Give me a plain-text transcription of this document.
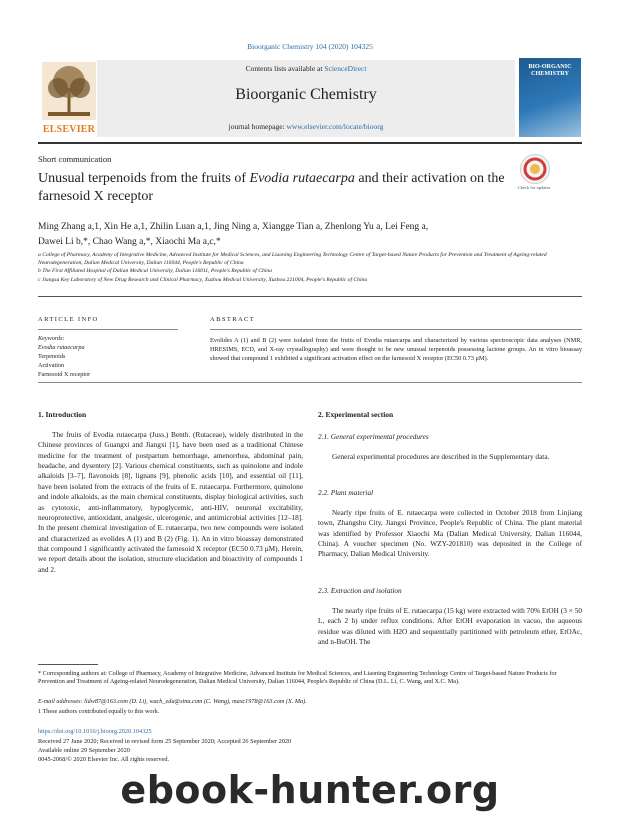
Bioorganic Chemistry 104 (2020) 104325
ELSEVIER
Contents lists available at ScienceDirect
Bioorganic Chemistry
journal homepage: www.elsevier.com/locate/bioorg
BIO-ORGANIC CHEMISTRY
Short communication
Unusual terpenoids from the fruits of Evodia rutaecarpa and their activation on the farnesoid X receptor
Check for updates
Ming Zhang a,1, Xin He a,1, Zhilin Luan a,1, Jing Ning a, Xiangge Tian a, Zhenlong Yu a, Lei Feng a,
Dawei Li b,*, Chao Wang a,*, Xiaochi Ma a,c,*
a College of Pharmacy, Academy of Integrative Medicine, Advanced Institute for Medical Sciences, and Liaoning Engineering Technology Centre of Target-based Nature Products for Prevention and Treatment of Ageing-related Neurodegeneration, Dalian Medical University, Dalian 116044, People's Republic of China
b The First Affiliated Hospital of Dalian Medical University, Dalian 116011, People's Republic of China
c Jiangsu Key Laboratory of New Drug Research and Clinical Pharmacy, Xuzhou Medical University, Xuzhou 221004, People's Republic of China
ARTICLE INFO	ABSTRACT
Keywords:
Evodia rutaecarpa
Terpenoids
Activation
Farnesoid X receptor
Evolides A (1) and B (2) were isolated from the fruits of Evodia rutaecarpa and characterized by various spectroscopic data analyses (NMR, HRESIMS, ECD, and X-ray crystallography) and were thought to be new unusual terpenoids possessing lactone groups. An in vitro bioassay showed that compound 1 exhibited a significant activation effect on the farnesoid X receptor (EC50 0.73 μM).
1. Introduction
The fruits of Evodia rutaecarpa (Juss.) Benth. (Rutaceae), widely distributed in the Chinese provinces of Guangxi and Jiangxi [1], have been used as a traditional Chinese medicine for the treatment of postpartum hemorrhage, amenorrhea, abdominal pain, headache, and dysentery [2]. Various chemical constituents, such as quinolone and indole alkaloids [3–7], flavonoids [8], lignans [9], phenolic acids [10], and essential oil [11], have been isolated from the extracts of the fruits of E. rutaecarpa. Furthermore, quinolone and indole alkaloids, as the main chemical constituents, display biological activities, such as cytotoxic, anti-inflammatory, hypoglycemic, anti-HIV, neuronal excitability, neuroprotective, antioxidant, analgesic, ulcerogenic, and antimicrobial activities [12–18]. In the present chemical investigation of E. rutaecarpa, two new compounds were isolated and characterized as evolides A (1) and B (2) (Fig. 1). An in vitro bioassay demonstrated that compound 1 significantly activated the farnesoid X receptor (EC50 0.73 μM). Herein, we report details about the isolation, structure elucidation and bioactivity of compounds 1 and 2.
2. Experimental section
2.1. General experimental procedures
General experimental procedures are described in the Supplementary data.
2.2. Plant material
Nearly ripe fruits of E. rutaecarpa were collected in October 2018 from Linjiang town, Zhangshu City, Jiangxi Province, People's Republic of China. The plant material was identified by Professor Xiaochi Ma (Dalian Medical University, Dalian 116044, China). A voucher specimen (No. WZY-201810) was deposited in the College of Pharmacy, Dalian Medical University.
2.3. Extraction and isolation
The nearly ripe fruits of E. rutaecarpa (15 kg) were extracted with 70% EtOH (3 × 50 L, each 2 h) under reflux conditions. After EtOH evaporation in vacuo, the aqueous residue was diluted with H2O and sequentially partitioned with petroleum ether, EtOAc, and n-BuOH. The
* Corresponding authors at: College of Pharmacy, Academy of Integrative Medicine, Advanced Institute for Medical Sciences, and Liaoning Engineering Technology Centre of Target-based Nature Products for Prevention and Treatment of Ageing-related Neurodegeneration, Dalian Medical University, Dalian 116044, People's Republic of China (D.L. Li, C. Wang, and X.C. Ma).
E-mail addresses: lidw87@163.com (D. Li), wach_edu@sina.com (C. Wang), maxc1978@163.com (X. Ma).
1 These authors contributed equally to this work.
https://doi.org/10.1016/j.bioorg.2020.104325
Received 27 June 2020; Received in revised form 25 September 2020; Accepted 26 September 2020
Available online 29 September 2020
0045-2068/© 2020 Elsevier Inc. All rights reserved.
ebook-hunter.org
